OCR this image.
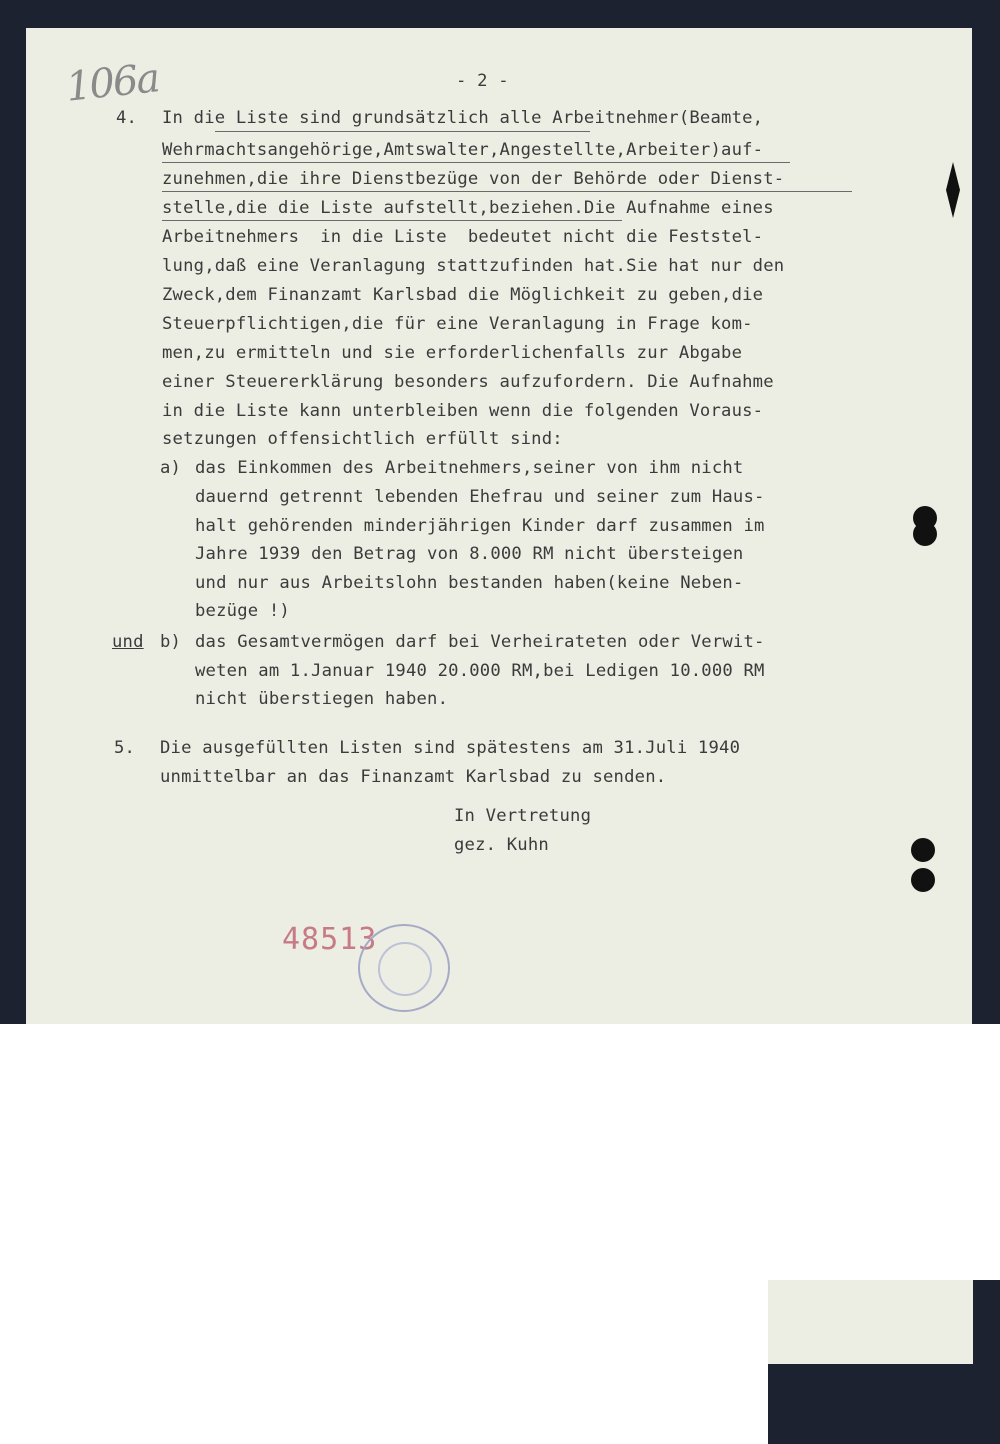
106a	- 2 -
4. In die Liste sind grundsätzlich alle Arbeitnehmer(Beamte,
Wehrmachtsangehörige,Amtswalter,Angestellte,Arbeiter)auf-
zunehmen,die ihre Dienstbezüge von der Behörde oder Dienst-
stelle,die die Liste aufstellt,beziehen.Die Aufnahme eines
Arbeitnehmers  in die Liste  bedeutet nicht die Feststel-
lung,daß eine Veranlagung stattzufinden hat.Sie hat nur den
Zweck,dem Finanzamt Karlsbad die Möglichkeit zu geben,die
Steuerpflichtigen,die für eine Veranlagung in Frage kom-
men,zu ermitteln und sie erforderlichenfalls zur Abgabe
einer Steuererklärung besonders aufzufordern. Die Aufnahme
in die Liste kann unterbleiben wenn die folgenden Voraus-
setzungen offensichtlich erfüllt sind:
a) das Einkommen des Arbeitnehmers,seiner von ihm nicht
dauernd getrennt lebenden Ehefrau und seiner zum Haus-
halt gehörenden minderjährigen Kinder darf zusammen im
Jahre 1939 den Betrag von 8.000 RM nicht übersteigen
und nur aus Arbeitslohn bestanden haben(keine Neben-
bezüge !)
und b) das Gesamtvermögen darf bei Verheirateten oder Verwit-
weten am 1.Januar 1940 20.000 RM,bei Ledigen 10.000 RM
nicht überstiegen haben.
5. Die ausgefüllten Listen sind spätestens am 31.Juli 1940
unmittelbar an das Finanzamt Karlsbad zu senden.
In Vertretung
gez. Kuhn
48513
